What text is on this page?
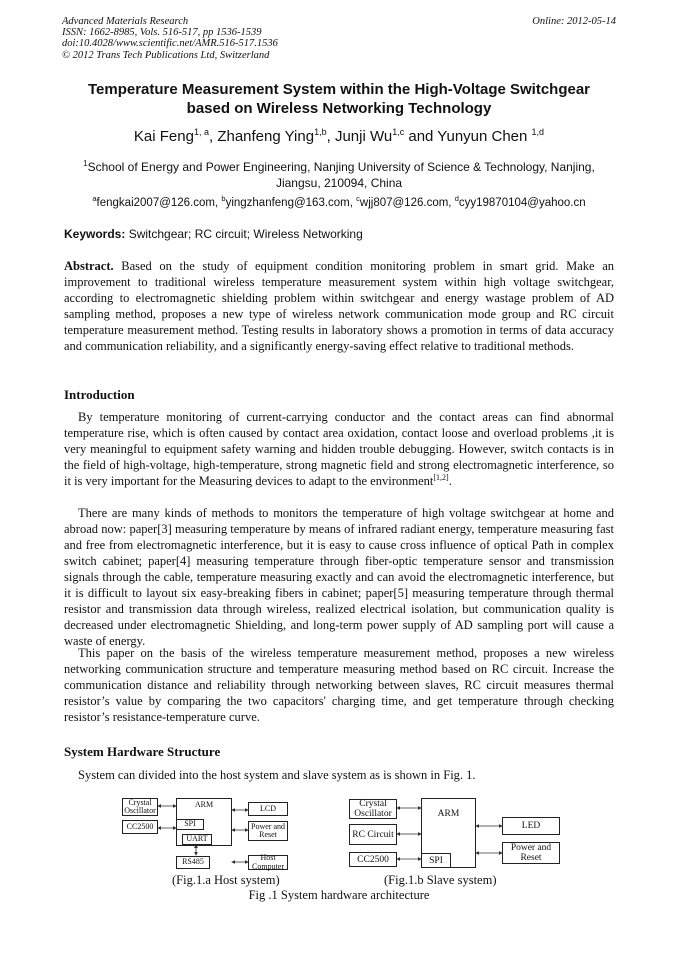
Advanced Materials Research
ISSN: 1662-8985, Vols. 516-517, pp 1536-1539
doi:10.4028/www.scientific.net/AMR.516-517.1536
© 2012 Trans Tech Publications Ltd, Switzerland
Online: 2012-05-14
Temperature Measurement System within the High-Voltage Switchgear
based on Wireless Networking Technology
Kai Feng$^{1, a}$, Zhanfeng Ying$^{1,b}$, Junji Wu$^{1,c}$ and Yunyun Chen $^{1,d}$
$^1$School of Energy and Power Engineering, Nanjing University of Science & Technology, Nanjing,
Jiangsu, 210094, China
$^a$fengkai2007@126.com, $^b$yingzhanfeng@163.com, $^c$wjj807@126.com, $^d$cyy19870104@yahoo.cn
Keywords: Switchgear; RC circuit; Wireless Networking
Abstract. Based on the study of equipment condition monitoring problem in smart grid. Make an improvement to traditional wireless temperature measurement system within high voltage switchgear, according to electromagnetic shielding problem within switchgear and energy wastage problem of AD sampling method, proposes a new type of wireless network communication mode group and RC circuit temperature measurement method. Testing results in laboratory shows a promotion in terms of data accuracy and communication reliability, and a significantly energy-saving effect relative to traditional methods.
Introduction
By temperature monitoring of current-carrying conductor and the contact areas can find abnormal temperature rise, which is often caused by contact area oxidation, contact loose and overload problems ,it is very meaningful to equipment safety warning and hidden trouble debugging. However, switch contacts is in the field of high-voltage, high-temperature, strong magnetic field and strong electromagnetic interference, so it is very important for the Measuring devices to adapt to the environment[1,2].
There are many kinds of methods to monitors the temperature of high voltage switchgear at home and abroad now: paper[3] measuring temperature by means of infrared radiant energy, temperature measuring fast and free from electromagnetic interference, but it is easy to cause cross influence of optical Path in complex switch cabinet; paper[4] measuring temperature through fiber-optic temperature sensor and transmission signals through the cable, temperature measuring exactly and can avoid the electromagnetic interference, but it is difficult to layout six easy-breaking fibers in cabinet; paper[5] measuring temperature through thermal resistor and transmission data through wireless, realized electrical isolation, but communication quality is decreased under electromagnetic Shielding, and long-term power supply of AD sampling port will cause a waste of energy.
This paper on the basis of the wireless temperature measurement method, proposes a new wireless networking communication structure and temperature measuring method based on RC circuit. Increase the communication distance and reliability through networking between slaves, RC circuit measures thermal resistor’s value by comparing the two capacitors' charging time, and get temperature through checking resistor’s resistance-temperature curve.
System Hardware Structure
System can divided into the host system and slave system as is shown in Fig. 1.
Crystal Oscillator
CC2500
ARM
SPI
UART
RS485
LCD
Power and Reset
Host Computer
(Fig.1.a Host system)
Crystal Oscillator
RC Circuit
CC2500
ARM
SPI
LED
Power and Reset
(Fig.1.b Slave system)
Fig .1 System hardware architecture
